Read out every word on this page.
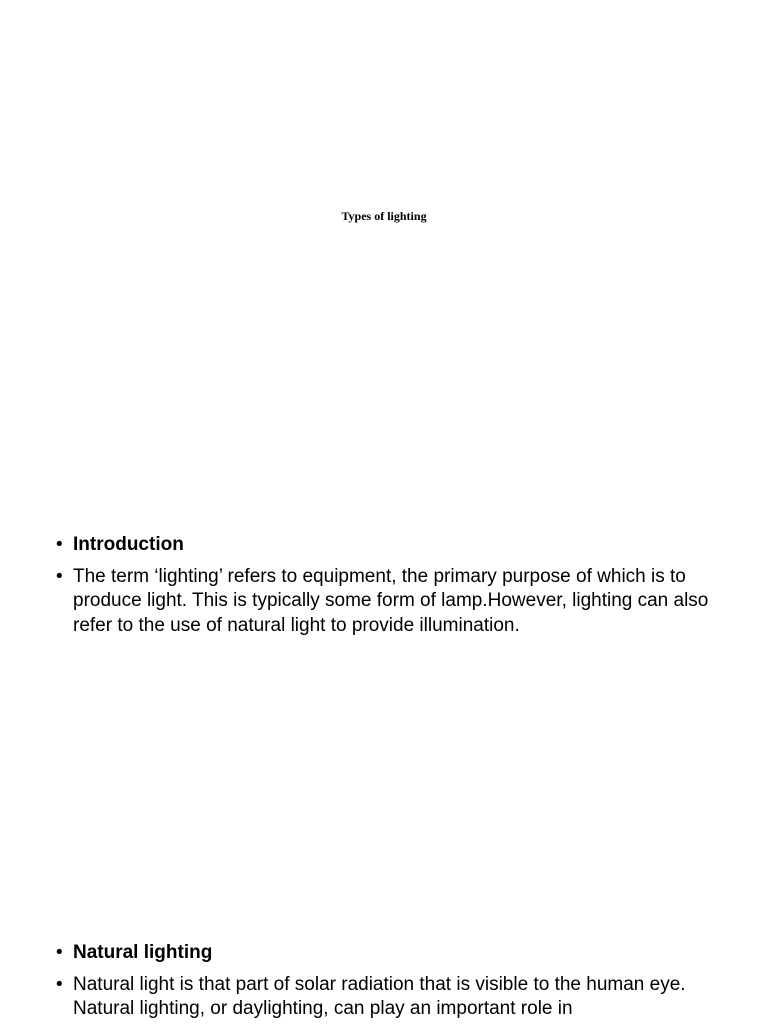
Types of lighting
• Introduction
• The term ‘lighting’ refers to equipment, the primary purpose of which is to produce light. This is typically some form of lamp.However, lighting can also refer to the use of natural light to provide illumination.
• Natural lighting
• Natural light is that part of solar radiation that is visible to the human eye. Natural lighting, or daylighting, can play an important role in
